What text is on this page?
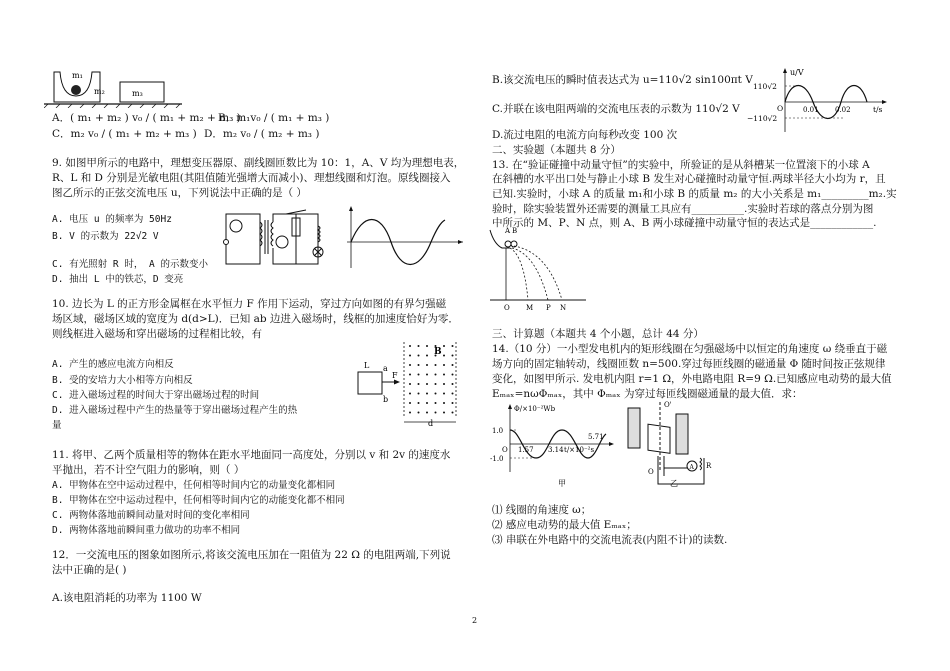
m₁
m₂	m₃
A．( m₁ + m₂ ) v₀ / ( m₁ + m₂ + m₃ )
B．m₁v₀ / ( m₁ + m₃ )
C．m₂ v₀ / ( m₁ + m₂ + m₃ ) D．m₂ v₀ / ( m₂ + m₃ )
9. 如图甲所示的电路中，理想变压器原、副线圈匝数比为 10：1，A、V 均为理想电表，
R、L 和 D 分别是光敏电阻(其阻值随光强增大而减小)、理想线圈和灯泡。原线圈接入
图乙所示的正弦交流电压 u，下列说法中正确的是（ ）
A. 电压 u 的频率为 50Hz
B. V 的示数为 22√2 V
C. 有光照射 R 时， A 的示数变小
D. 抽出 L 中的铁芯，D 变亮
10. 边长为 L 的正方形金属框在水平恒力 F 作用下运动，穿过方向如图的有界匀强磁
场区域，磁场区域的宽度为 d(d>L)．已知 ab 边进入磁场时，线框的加速度恰好为零．
则线框进入磁场和穿出磁场的过程相比较，有
A. 产生的感应电流方向相反
B. 受的安培力大小相等方向相反
C. 进入磁场过程的时间大于穿出磁场过程的时间
D. 进入磁场过程中产生的热量等于穿出磁场过程产生的热
量
L a
b
F
B
d
11. 将甲、乙两个质量相等的物体在距水平地面同一高度处，分别以 v 和 2v 的速度水
平抛出，若不计空气阻力的影响，则（ ）
A. 甲物体在空中运动过程中，任何相等时间内它的动量变化都相同
B. 甲物体在空中运动过程中，任何相等时间内它的动能变化都不相同
C. 两物体落地前瞬间动量对时间的变化率相同
D. 两物体落地前瞬间重力做功的功率不相同
12．一交流电压的图象如图所示,将该交流电压加在一阻值为 22 Ω 的电阻两端,下列说
法中正确的是( )
A.该电阻消耗的功率为 1100 W
B.该交流电压的瞬时值表达式为 u=110√2 sin100πt V
C.并联在该电阻两端的交流电压表的示数为 110√2 V
D.流过电阻的电流方向每秒改变 100 次
u/V
110√2
−110√2
O	0.01 0.02	t/s
二、实验题（本题共 8 分）
13. 在“验证碰撞中动量守恒”的实验中，所验证的是从斜槽某一位置滚下的小球 A
在斜槽的水平出口处与静止小球 B 发生对心碰撞时动量守恒.两球半径大小均为 r，且
已知.实验时，小球 A 的质量 m₁和小球 B 的质量 m₂ 的大小关系是 m₁_________m₂.实
验时，除实验装置外还需要的测量工具应有__________.实验时若球的落点分别为图
中所示的 M、P、N 点，则 A、B 两小球碰撞中动量守恒的表达式是____________.
A B
O M P N
三、计算题（本题共 4 个小题，总计 44 分）
14.（10 分）一小型发电机内的矩形线圈在匀强磁场中以恒定的角速度 ω 绕垂直于磁
场方向的固定轴转动，线圈匝数 n=500.穿过每匝线圈的磁通量 Φ 随时间按正弦规律
变化，如图甲所示. 发电机内阻 r=1 Ω，外电路电阻 R=9 Ω.已知感应电动势的最大值
Eₘₐₓ=nωΦₘₐₓ，其中 Φₘₐₓ 为穿过每匝线圈磁通量的最大值．求：
Φ/×10⁻²Wb
1.0
-1.0
O 1.57 3.14
5.71
t/×10⁻²s
甲
O'
O
A R
乙
⑴ 线圈的角速度 ω；
⑵ 感应电动势的最大值 Eₘₐₓ；
⑶ 串联在外电路中的交流电流表(内阻不计)的读数.
2
